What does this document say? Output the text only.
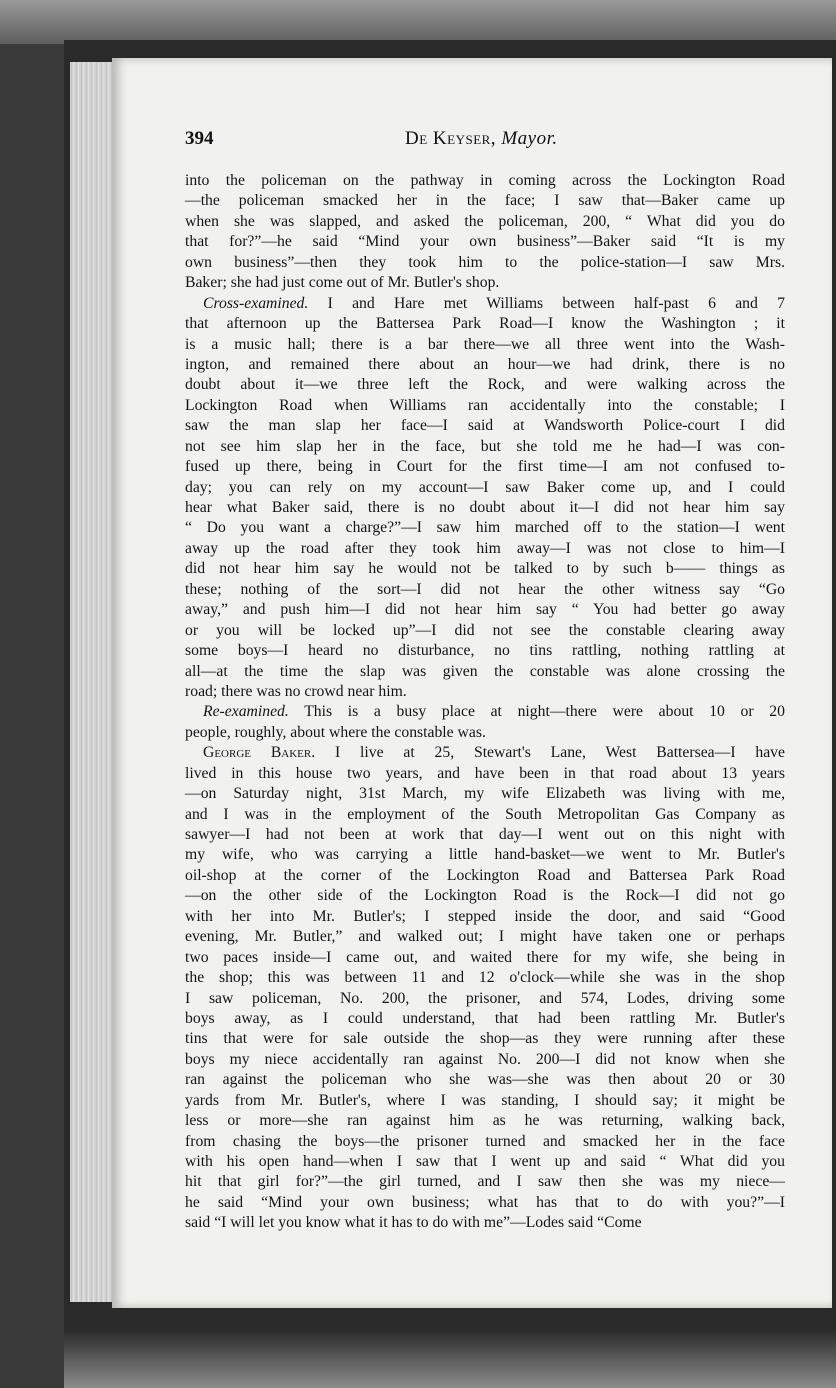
394	De Keyser, Mayor.
into the policeman on the pathway in coming across the Lockington Road
—the policeman smacked her in the face; I saw that—Baker came up
when she was slapped, and asked the policeman, 200, “ What did you do
that for?”—he said “Mind your own business”—Baker said “It is my
own business”—then they took him to the police-station—I saw Mrs.
Baker; she had just come out of Mr. Butler's shop.
Cross-examined. I and Hare met Williams between half-past 6 and 7
that afternoon up the Battersea Park Road—I know the Washington ; it
is a music hall; there is a bar there—we all three went into the Wash-
ington, and remained there about an hour—we had drink, there is no
doubt about it—we three left the Rock, and were walking across the
Lockington Road when Williams ran accidentally into the constable; I
saw the man slap her face—I said at Wandsworth Police-court I did
not see him slap her in the face, but she told me he had—I was con-
fused up there, being in Court for the first time—I am not confused to-
day; you can rely on my account—I saw Baker come up, and I could
hear what Baker said, there is no doubt about it—I did not hear him say
“ Do you want a charge?”—I saw him marched off to the station—I went
away up the road after they took him away—I was not close to him—I
did not hear him say he would not be talked to by such b—— things as
these; nothing of the sort—I did not hear the other witness say “Go
away,” and push him—I did not hear him say “ You had better go away
or you will be locked up”—I did not see the constable clearing away
some boys—I heard no disturbance, no tins rattling, nothing rattling at
all—at the time the slap was given the constable was alone crossing the
road; there was no crowd near him.
Re-examined. This is a busy place at night—there were about 10 or 20
people, roughly, about where the constable was.
George Baker. I live at 25, Stewart's Lane, West Battersea—I have
lived in this house two years, and have been in that road about 13 years
—on Saturday night, 31st March, my wife Elizabeth was living with me,
and I was in the employment of the South Metropolitan Gas Company as
sawyer—I had not been at work that day—I went out on this night with
my wife, who was carrying a little hand-basket—we went to Mr. Butler's
oil-shop at the corner of the Lockington Road and Battersea Park Road
—on the other side of the Lockington Road is the Rock—I did not go
with her into Mr. Butler's; I stepped inside the door, and said “Good
evening, Mr. Butler,” and walked out; I might have taken one or perhaps
two paces inside—I came out, and waited there for my wife, she being in
the shop; this was between 11 and 12 o'clock—while she was in the shop
I saw policeman, No. 200, the prisoner, and 574, Lodes, driving some
boys away, as I could understand, that had been rattling Mr. Butler's
tins that were for sale outside the shop—as they were running after these
boys my niece accidentally ran against No. 200—I did not know when she
ran against the policeman who she was—she was then about 20 or 30
yards from Mr. Butler's, where I was standing, I should say; it might be
less or more—she ran against him as he was returning, walking back,
from chasing the boys—the prisoner turned and smacked her in the face
with his open hand—when I saw that I went up and said “ What did you
hit that girl for?”—the girl turned, and I saw then she was my niece—
he said “Mind your own business; what has that to do with you?”—I
said “I will let you know what it has to do with me”—Lodes said “Come
